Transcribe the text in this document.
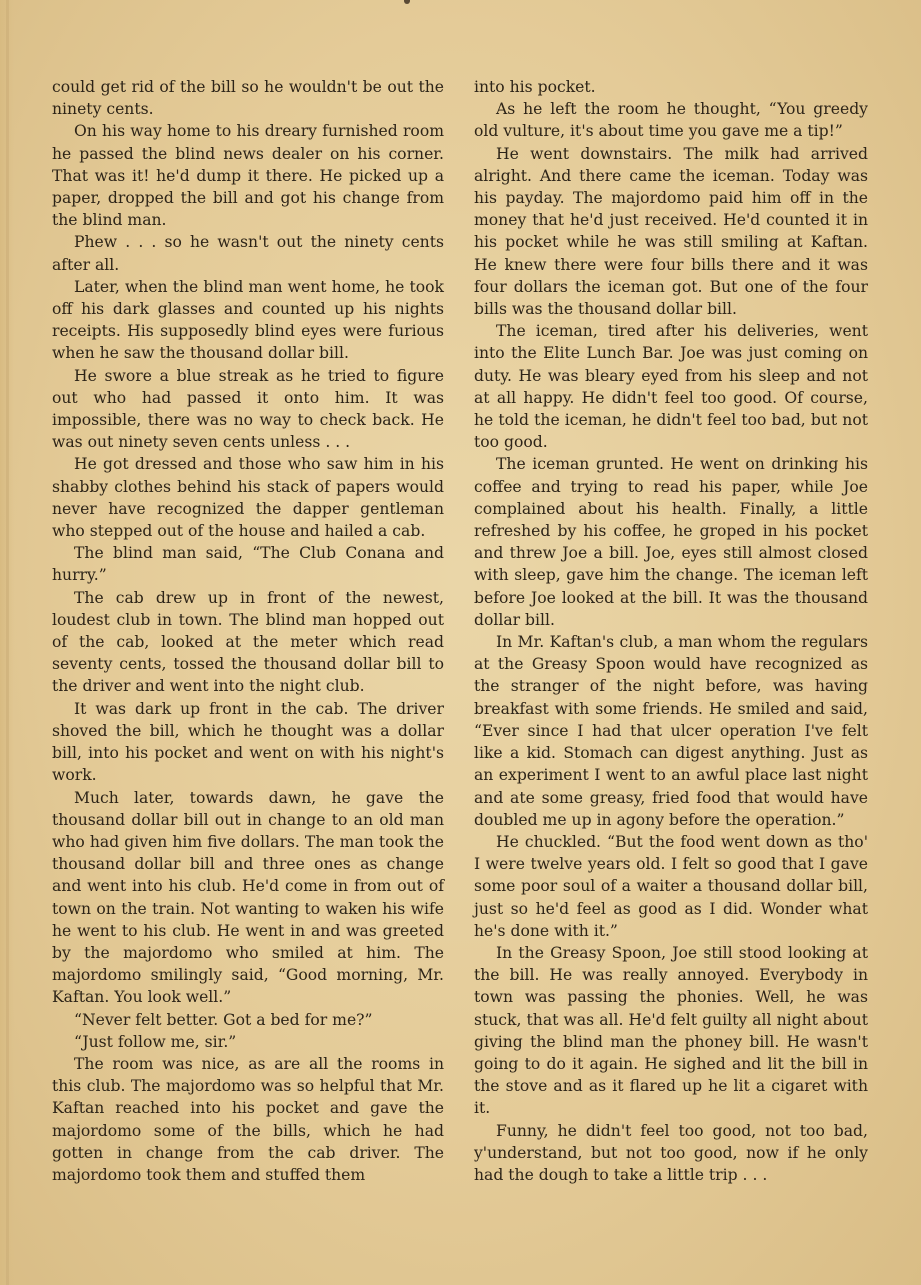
could get rid of the bill so he wouldn't be out the ninety cents.

On his way home to his dreary furnished room he passed the blind news dealer on his corner. That was it! he'd dump it there. He picked up a paper, dropped the bill and got his change from the blind man.

Phew . . . so he wasn't out the ninety cents after all.

Later, when the blind man went home, he took off his dark glasses and counted up his nights receipts. His supposedly blind eyes were furious when he saw the thousand dollar bill.

He swore a blue streak as he tried to figure out who had passed it onto him. It was impossible, there was no way to check back. He was out ninety seven cents unless . . .

He got dressed and those who saw him in his shabby clothes behind his stack of papers would never have recognized the dapper gentleman who stepped out of the house and hailed a cab.

The blind man said, “The Club Conana and hurry.”

The cab drew up in front of the newest, loudest club in town. The blind man hopped out of the cab, looked at the meter which read seventy cents, tossed the thousand dollar bill to the driver and went into the night club.

It was dark up front in the cab. The driver shoved the bill, which he thought was a dollar bill, into his pocket and went on with his night's work.

Much later, towards dawn, he gave the thousand dollar bill out in change to an old man who had given him five dollars. The man took the thousand dollar bill and three ones as change and went into his club. He'd come in from out of town on the train. Not wanting to waken his wife he went to his club. He went in and was greeted by the majordomo who smiled at him. The majordomo smilingly said, “Good morning, Mr. Kaftan. You look well.”

“Never felt better. Got a bed for me?”

“Just follow me, sir.”

The room was nice, as are all the rooms in this club. The majordomo was so helpful that Mr. Kaftan reached into his pocket and gave the majordomo some of the bills, which he had gotten in change from the cab driver. The majordomo took them and stuffed them

into his pocket.

As he left the room he thought, “You greedy old vulture, it's about time you gave me a tip!”

He went downstairs. The milk had arrived alright. And there came the iceman. Today was his payday. The majordomo paid him off in the money that he'd just received. He'd counted it in his pocket while he was still smiling at Kaftan. He knew there were four bills there and it was four dollars the iceman got. But one of the four bills was the thousand dollar bill.

The iceman, tired after his deliveries, went into the Elite Lunch Bar. Joe was just coming on duty. He was bleary eyed from his sleep and not at all happy. He didn't feel too good. Of course, he told the iceman, he didn't feel too bad, but not too good.

The iceman grunted. He went on drinking his coffee and trying to read his paper, while Joe complained about his health. Finally, a little refreshed by his coffee, he groped in his pocket and threw Joe a bill. Joe, eyes still almost closed with sleep, gave him the change. The iceman left before Joe looked at the bill. It was the thousand dollar bill.

In Mr. Kaftan's club, a man whom the regulars at the Greasy Spoon would have recognized as the stranger of the night before, was having breakfast with some friends. He smiled and said, “Ever since I had that ulcer operation I've felt like a kid. Stomach can digest anything. Just as an experiment I went to an awful place last night and ate some greasy, fried food that would have doubled me up in agony before the operation.”

He chuckled. “But the food went down as tho' I were twelve years old. I felt so good that I gave some poor soul of a waiter a thousand dollar bill, just so he'd feel as good as I did. Wonder what he's done with it.”

In the Greasy Spoon, Joe still stood looking at the bill. He was really annoyed. Everybody in town was passing the phonies. Well, he was stuck, that was all. He'd felt guilty all night about giving the blind man the phoney bill. He wasn't going to do it again. He sighed and lit the bill in the stove and as it flared up he lit a cigaret with it.

Funny, he didn't feel too good, not too bad, y'understand, but not too good, now if he only had the dough to take a little trip . . .
